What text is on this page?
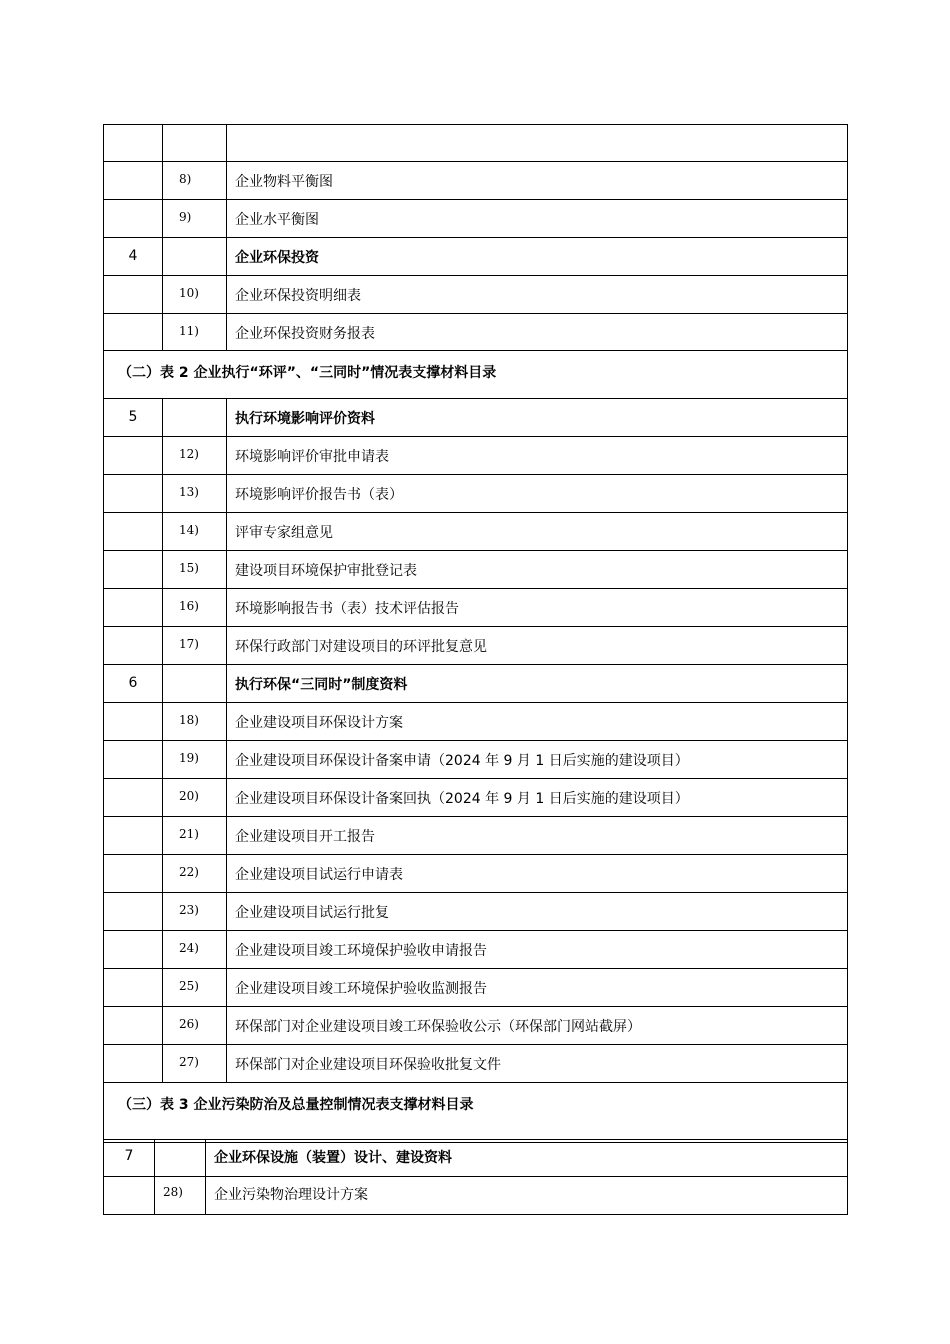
	8)	企业物料平衡图
	9)	企业水平衡图
4		企业环保投资
	10)	企业环保投资明细表
	11)	企业环保投资财务报表
（二）表 2 企业执行“环评”、“三同时”情况表支撑材料目录		
5		执行环境影响评价资料
	12)	环境影响评价审批申请表
	13)	环境影响评价报告书（表）
	14)	评审专家组意见
	15)	建设项目环境保护审批登记表
	16)	环境影响报告书（表）技术评估报告
	17)	环保行政部门对建设项目的环评批复意见
6		执行环保“三同时”制度资料
	18)	企业建设项目环保设计方案
	19)	企业建设项目环保设计备案申请（2024 年 9 月 1 日后实施的建设项目）
	20)	企业建设项目环保设计备案回执（2024 年 9 月 1 日后实施的建设项目）
	21)	企业建设项目开工报告
	22)	企业建设项目试运行申请表
	23)	企业建设项目试运行批复
	24)	企业建设项目竣工环境保护验收申请报告
	25)	企业建设项目竣工环境保护验收监测报告
	26)	环保部门对企业建设项目竣工环保验收公示（环保部门网站截屏）
	27)	环保部门对企业建设项目环保验收批复文件
（三）表 3 企业污染防治及总量控制情况表支撑材料目录		
7		企业环保设施（装置）设计、建设资料
	28)	企业污染物治理设计方案
